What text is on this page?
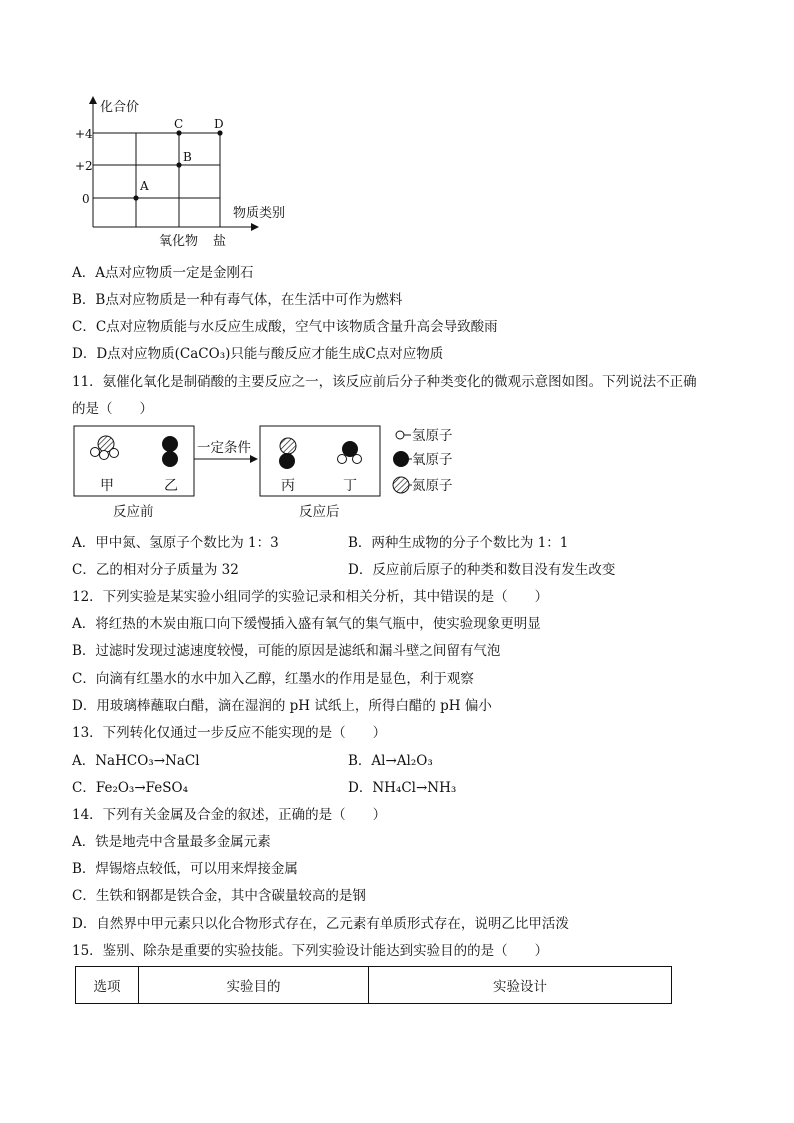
化合价
物质类别
+4
+2
0
氧化物 盐
A
B
C	D
A．A点对应物质一定是金刚石
B．B点对应物质是一种有毒气体，在生活中可作为燃料
C．C点对应物质能与水反应生成酸，空气中该物质含量升高会导致酸雨
D．D点对应物质(CaCO₃)只能与酸反应才能生成C点对应物质
11．氨催化氧化是制硝酸的主要反应之一，该反应前后分子种类变化的微观示意图如图。下列说法不正确
的是（　　）
甲	乙
一定条件
丙	丁
氢原子
氧原子
氮原子
反应前	反应后
A．甲中氮、氢原子个数比为 1：3	B．两种生成物的分子个数比为 1：1
C．乙的相对分子质量为 32	D．反应前后原子的种类和数目没有发生改变
12．下列实验是某实验小组同学的实验记录和相关分析，其中错误的是（　　）
A．将红热的木炭由瓶口向下缓慢插入盛有氧气的集气瓶中，使实验现象更明显
B．过滤时发现过滤速度较慢，可能的原因是滤纸和漏斗壁之间留有气泡
C．向滴有红墨水的水中加入乙醇，红墨水的作用是显色，利于观察
D．用玻璃棒蘸取白醋，滴在湿润的 pH 试纸上，所得白醋的 pH 偏小
13．下列转化仅通过一步反应不能实现的是（　　）
A．NaHCO₃→NaCl	B．Al→Al₂O₃
C．Fe₂O₃→FeSO₄	D．NH₄Cl→NH₃
14．下列有关金属及合金的叙述，正确的是（　　）
A．铁是地壳中含量最多金属元素
B．焊锡熔点较低，可以用来焊接金属
C．生铁和钢都是铁合金，其中含碳量较高的是钢
D．自然界中甲元素只以化合物形式存在，乙元素有单质形式存在，说明乙比甲活泼
15．鉴别、除杂是重要的实验技能。下列实验设计能达到实验目的的是（　　）
选项	实验目的	实验设计
